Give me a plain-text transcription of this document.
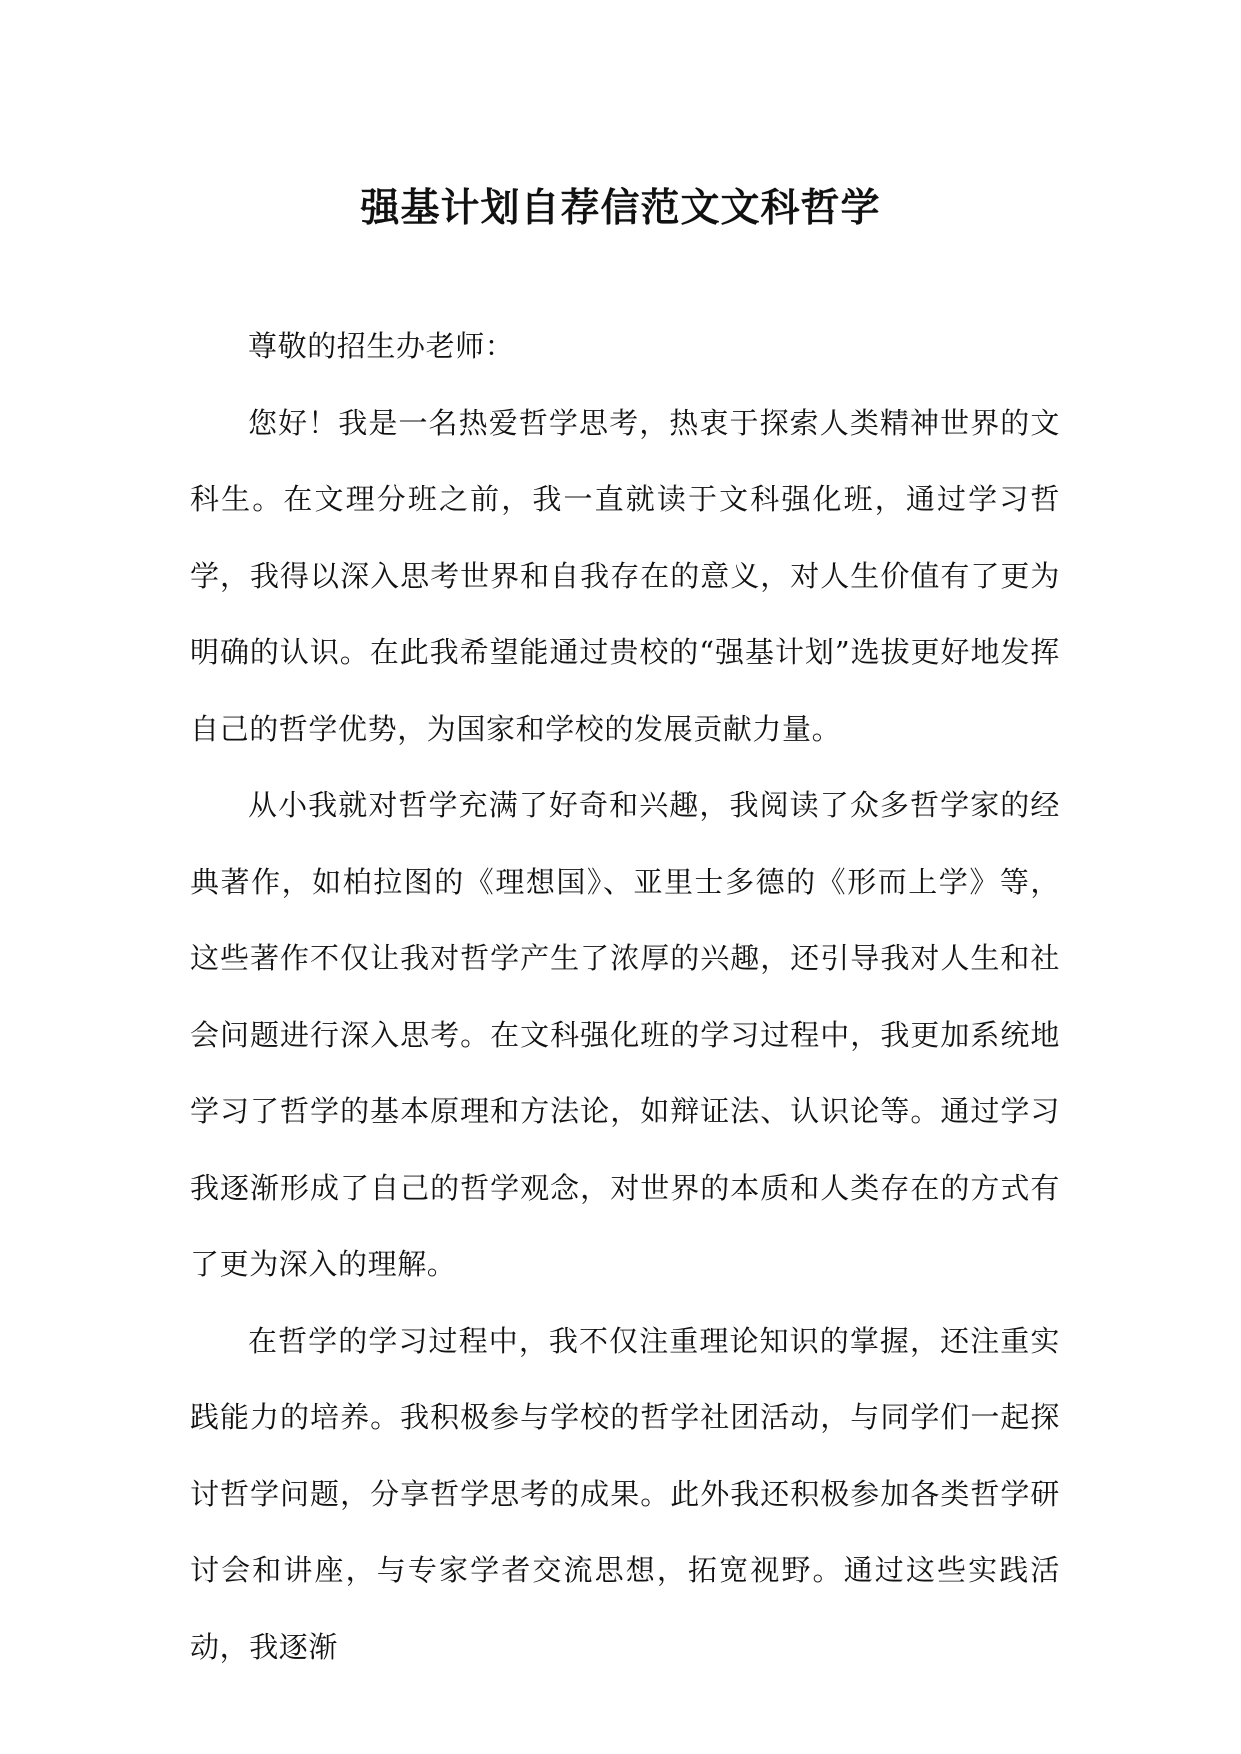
强基计划自荐信范文文科哲学

尊敬的招生办老师：

您好！我是一名热爱哲学思考，热衷于探索人类精神世界的文科生。在文理分班之前，我一直就读于文科强化班，通过学习哲学，我得以深入思考世界和自我存在的意义，对人生价值有了更为明确的认识。在此我希望能通过贵校的“强基计划”选拔更好地发挥自己的哲学优势，为国家和学校的发展贡献力量。

从小我就对哲学充满了好奇和兴趣，我阅读了众多哲学家的经典著作，如柏拉图的《理想国》、亚里士多德的《形而上学》等，这些著作不仅让我对哲学产生了浓厚的兴趣，还引导我对人生和社会问题进行深入思考。在文科强化班的学习过程中，我更加系统地学习了哲学的基本原理和方法论，如辩证法、认识论等。通过学习我逐渐形成了自己的哲学观念，对世界的本质和人类存在的方式有了更为深入的理解。

在哲学的学习过程中，我不仅注重理论知识的掌握，还注重实践能力的培养。我积极参与学校的哲学社团活动，与同学们一起探讨哲学问题，分享哲学思考的成果。此外我还积极参加各类哲学研讨会和讲座，与专家学者交流思想，拓宽视野。通过这些实践活动，我逐渐
